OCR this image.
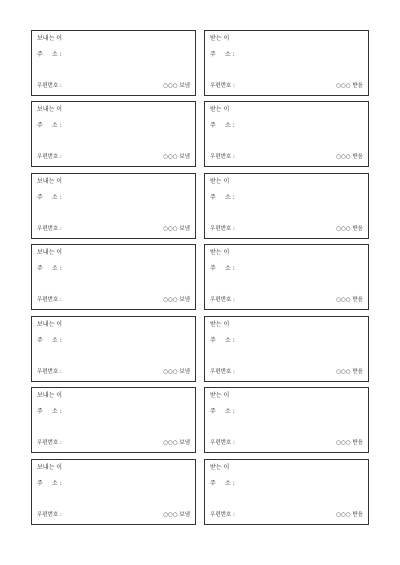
보내는 이
주 소 :
우편번호 :	○○○ 보냄
받는 이
주 소 :
우편번호 :	○○○ 받음
보내는 이
주 소 :
우편번호 :	○○○ 보냄
받는 이
주 소 :
우편번호 :	○○○ 받음
보내는 이
주 소 :
우편번호 :	○○○ 보냄
받는 이
주 소 :
우편번호 :	○○○ 받음
보내는 이
주 소 :
우편번호 :	○○○ 보냄
받는 이
주 소 :
우편번호 :	○○○ 받음
보내는 이
주 소 :
우편번호 :	○○○ 보냄
받는 이
주 소 :
우편번호 :	○○○ 받음
보내는 이
주 소 :
우편번호 :	○○○ 보냄
받는 이
주 소 :
우편번호 :	○○○ 받음
보내는 이
주 소 :
우편번호 :	○○○ 보냄
받는 이
주 소 :
우편번호 :	○○○ 받음
